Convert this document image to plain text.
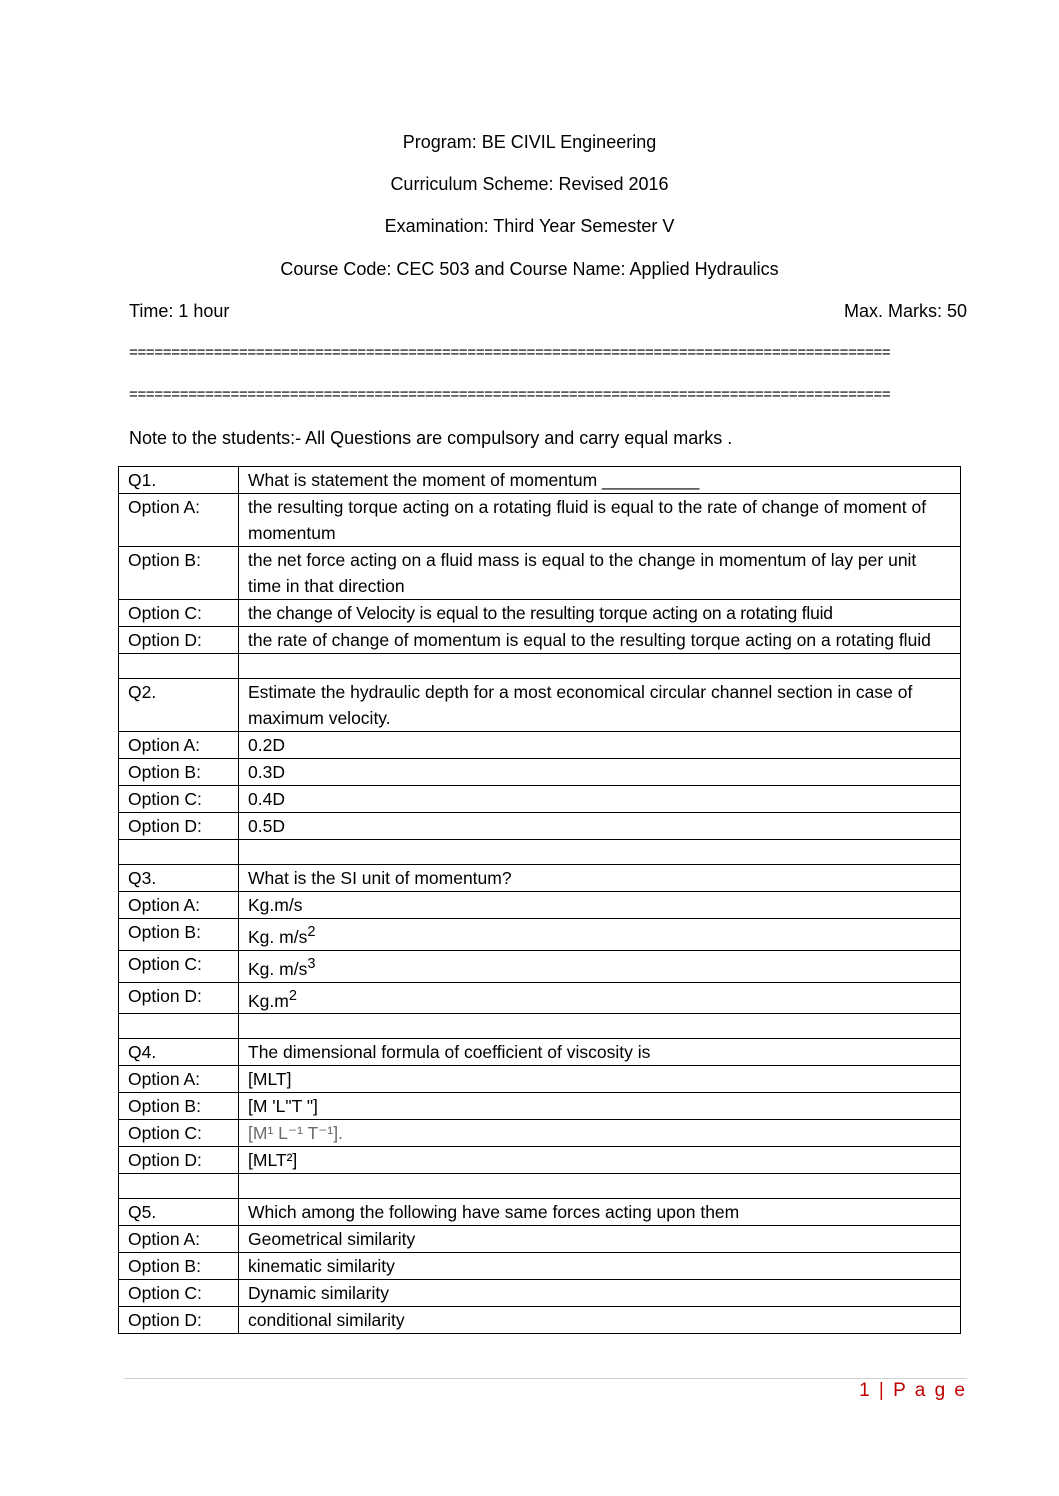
Program: BE CIVIL Engineering
Curriculum Scheme: Revised 2016
Examination: Third Year Semester V
Course Code: CEC 503 and Course Name: Applied Hydraulics
Time: 1 hour	Max. Marks: 50
==========================================================================================
==========================================================================================
Note to the students:- All Questions are compulsory and carry equal marks .
Q1.	What is statement the moment of momentum __________
Option A:	the resulting torque acting on a rotating fluid is equal to the rate of change of moment of momentum
Option B:	the net force acting on a fluid mass is equal to the change in momentum of lay per unit time in that direction
Option C:	the change of Velocity is equal to the resulting torque acting on a rotating fluid
Option D:	the rate of change of momentum is equal to the resulting torque acting on a rotating fluid

Q2.	Estimate the hydraulic depth for a most economical circular channel section in case of maximum velocity.
Option A:	0.2D
Option B:	0.3D
Option C:	0.4D
Option D:	0.5D

Q3.	What is the SI unit of momentum?
Option A:	Kg.m/s
Option B:	Kg. $m/s^2$
Option C:	Kg. $m/s^3$
Option D:	$Kg.m^2$

Q4.	The dimensional formula of coefficient of viscosity is
Option A:	[MLT]
Option B:	[M 'L"T "]
Option C:	[M¹ L⁻¹ T⁻¹].
Option D:	[MLT²]

Q5.	Which among the following have same forces acting upon them
Option A:	Geometrical similarity
Option B:	kinematic similarity
Option C:	Dynamic similarity
Option D:	conditional similarity
1 | P a g e
